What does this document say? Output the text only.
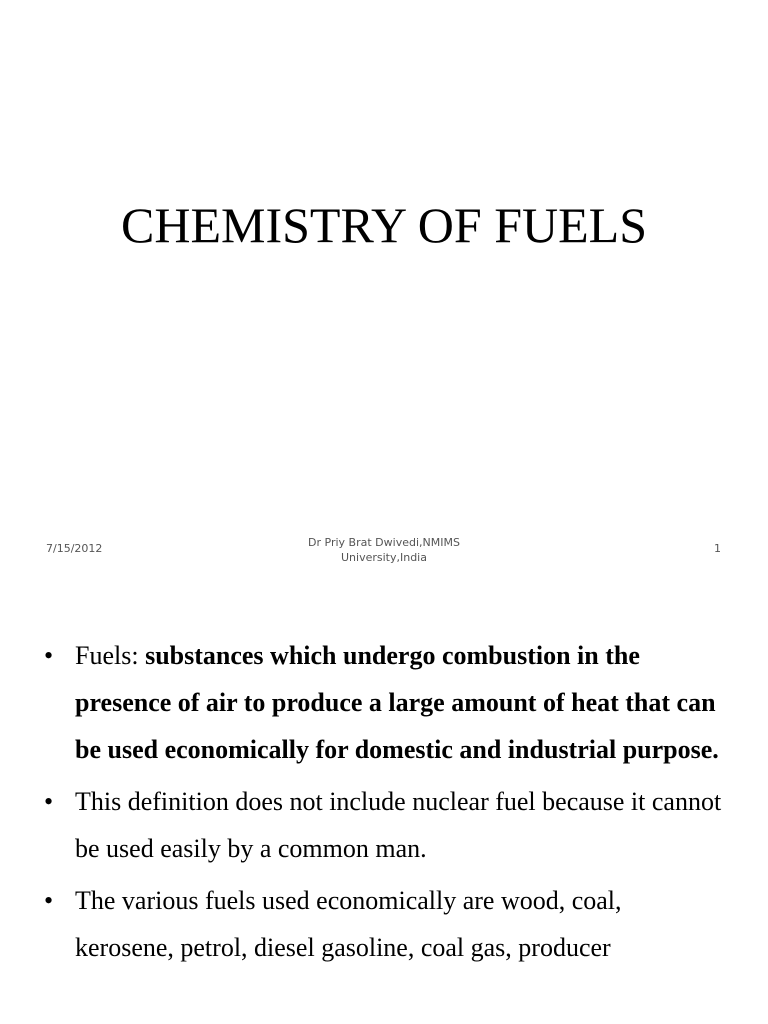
CHEMISTRY OF FUELS
7/15/2012	Dr Priy Brat Dwivedi,NMIMS
University,India
1
• Fuels: substances which undergo combustion in the presence of air to produce a large amount of heat that can be used economically for domestic and industrial purpose.
• This definition does not include nuclear fuel because it cannot be used easily by a common man.
• The various fuels used economically are wood, coal, kerosene, petrol, diesel gasoline, coal gas, producer
